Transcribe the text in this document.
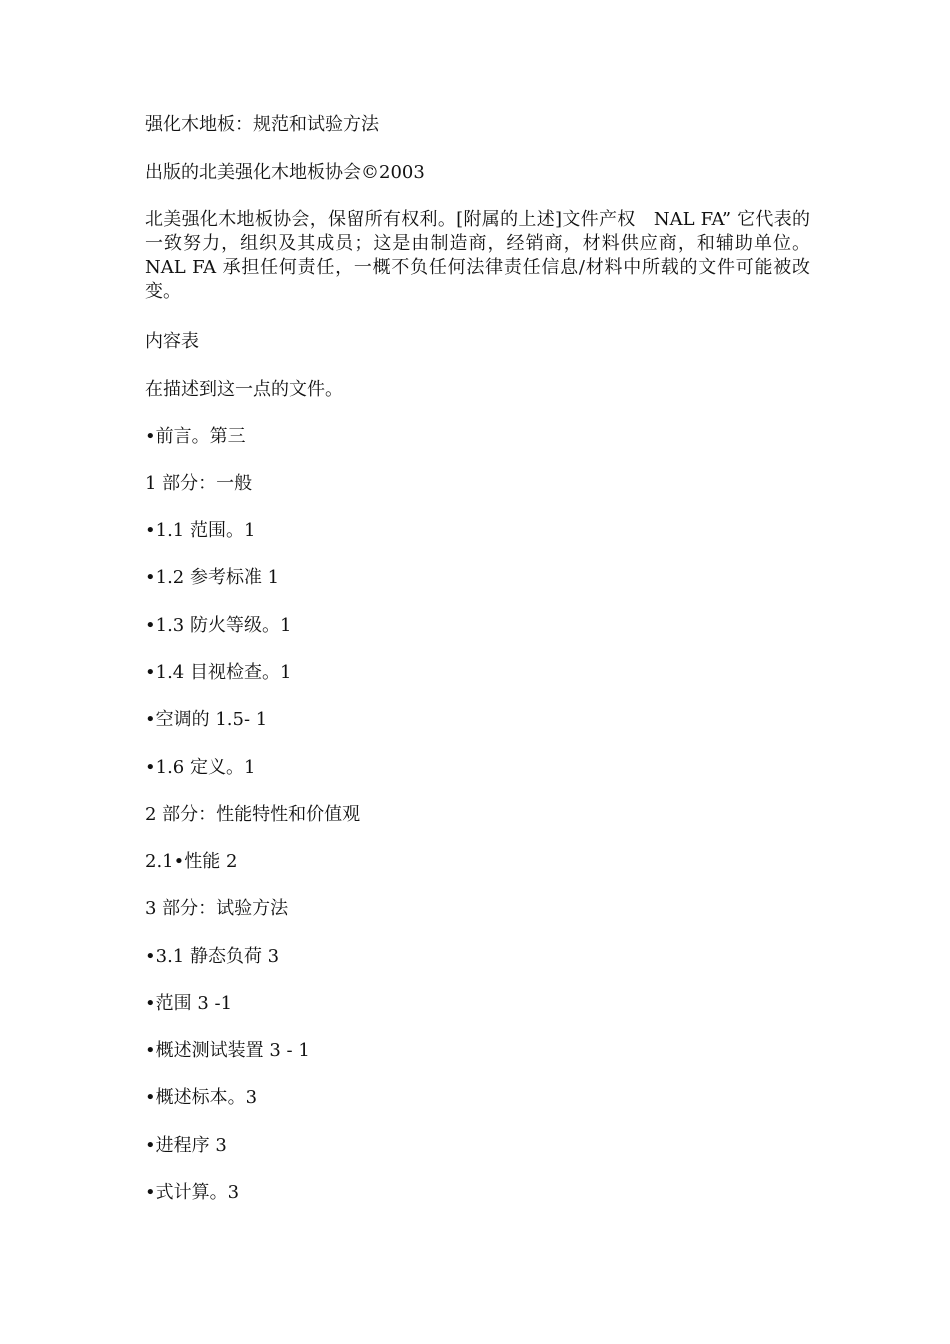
强化木地板：规范和试验方法
出版的北美强化木地板协会©2003
北美强化木地板协会，保留所有权利。[附属的上述]文件产权　NAL FA” 它代表的一致努力，组织及其成员；这是由制造商，经销商，材料供应商，和辅助单位。NAL FA 承担任何责任，一概不负任何法律责任信息/材料中所载的文件可能被改变。
内容表
在描述到这一点的文件。
•前言。第三
1 部分：一般
•1.1 范围。1
•1.2 参考标准 1
•1.3 防火等级。1
•1.4 目视检查。1
•空调的 1.5- 1
•1.6 定义。1
2 部分：性能特性和价值观
2.1•性能 2
3 部分：试验方法
•3.1 静态负荷 3
•范围 3 -1
•概述测试装置 3 - 1
•概述标本。3
•进程序 3
•式计算。3
